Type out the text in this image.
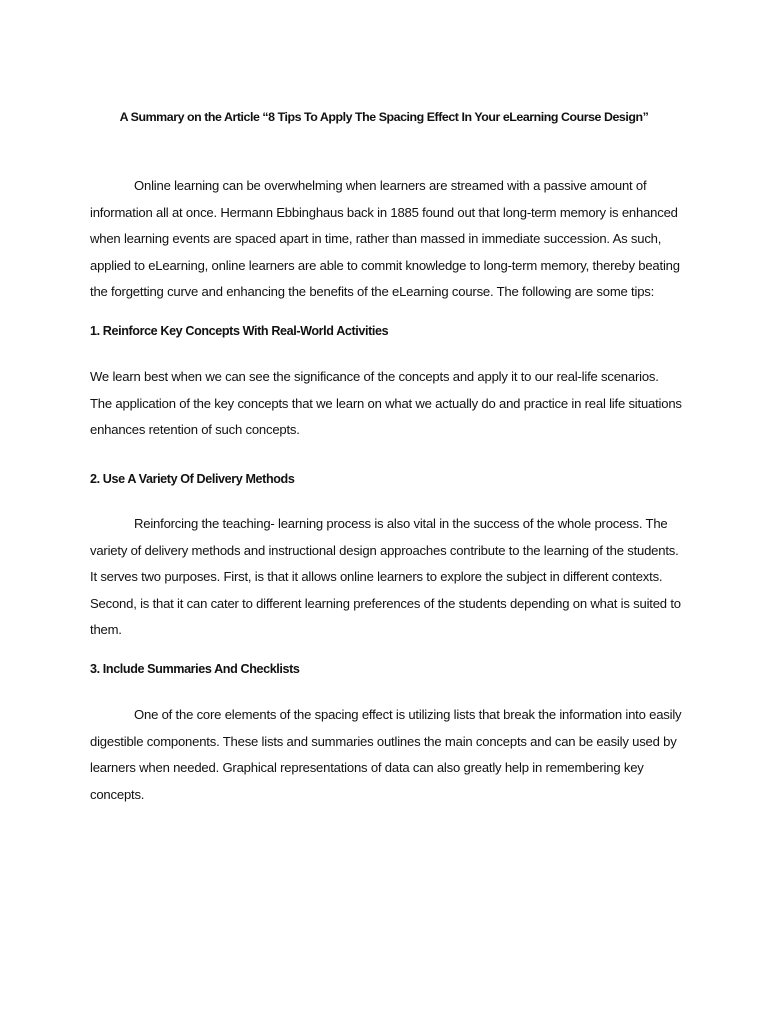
A Summary on the Article “8 Tips To Apply The Spacing Effect In Your eLearning Course Design”

Online learning can be overwhelming when learners are streamed with a passive amount of information all at once. Hermann Ebbinghaus back in 1885 found out that long-term memory is enhanced when learning events are spaced apart in time, rather than massed in immediate succession. As such, applied to eLearning, online learners are able to commit knowledge to long-term memory, thereby beating the forgetting curve and enhancing the benefits of the eLearning course. The following are some tips:

1. Reinforce Key Concepts With Real-World Activities

We learn best when we can see the significance of the concepts and apply it to our real-life scenarios. The application of the key concepts that we learn on what we actually do and practice in real life situations enhances retention of such concepts.

2. Use A Variety Of Delivery Methods

Reinforcing the teaching- learning process is also vital in the success of the whole process. The variety of delivery methods and instructional design approaches contribute to the learning of the students. It serves two purposes. First, is that it allows online learners to explore the subject in different contexts. Second, is that it can cater to different learning preferences of the students depending on what is suited to them.

3. Include Summaries And Checklists

One of the core elements of the spacing effect is utilizing lists that break the information into easily digestible components. These lists and summaries outlines the main concepts and can be easily used by learners when needed. Graphical representations of data can also greatly help in remembering key concepts.
